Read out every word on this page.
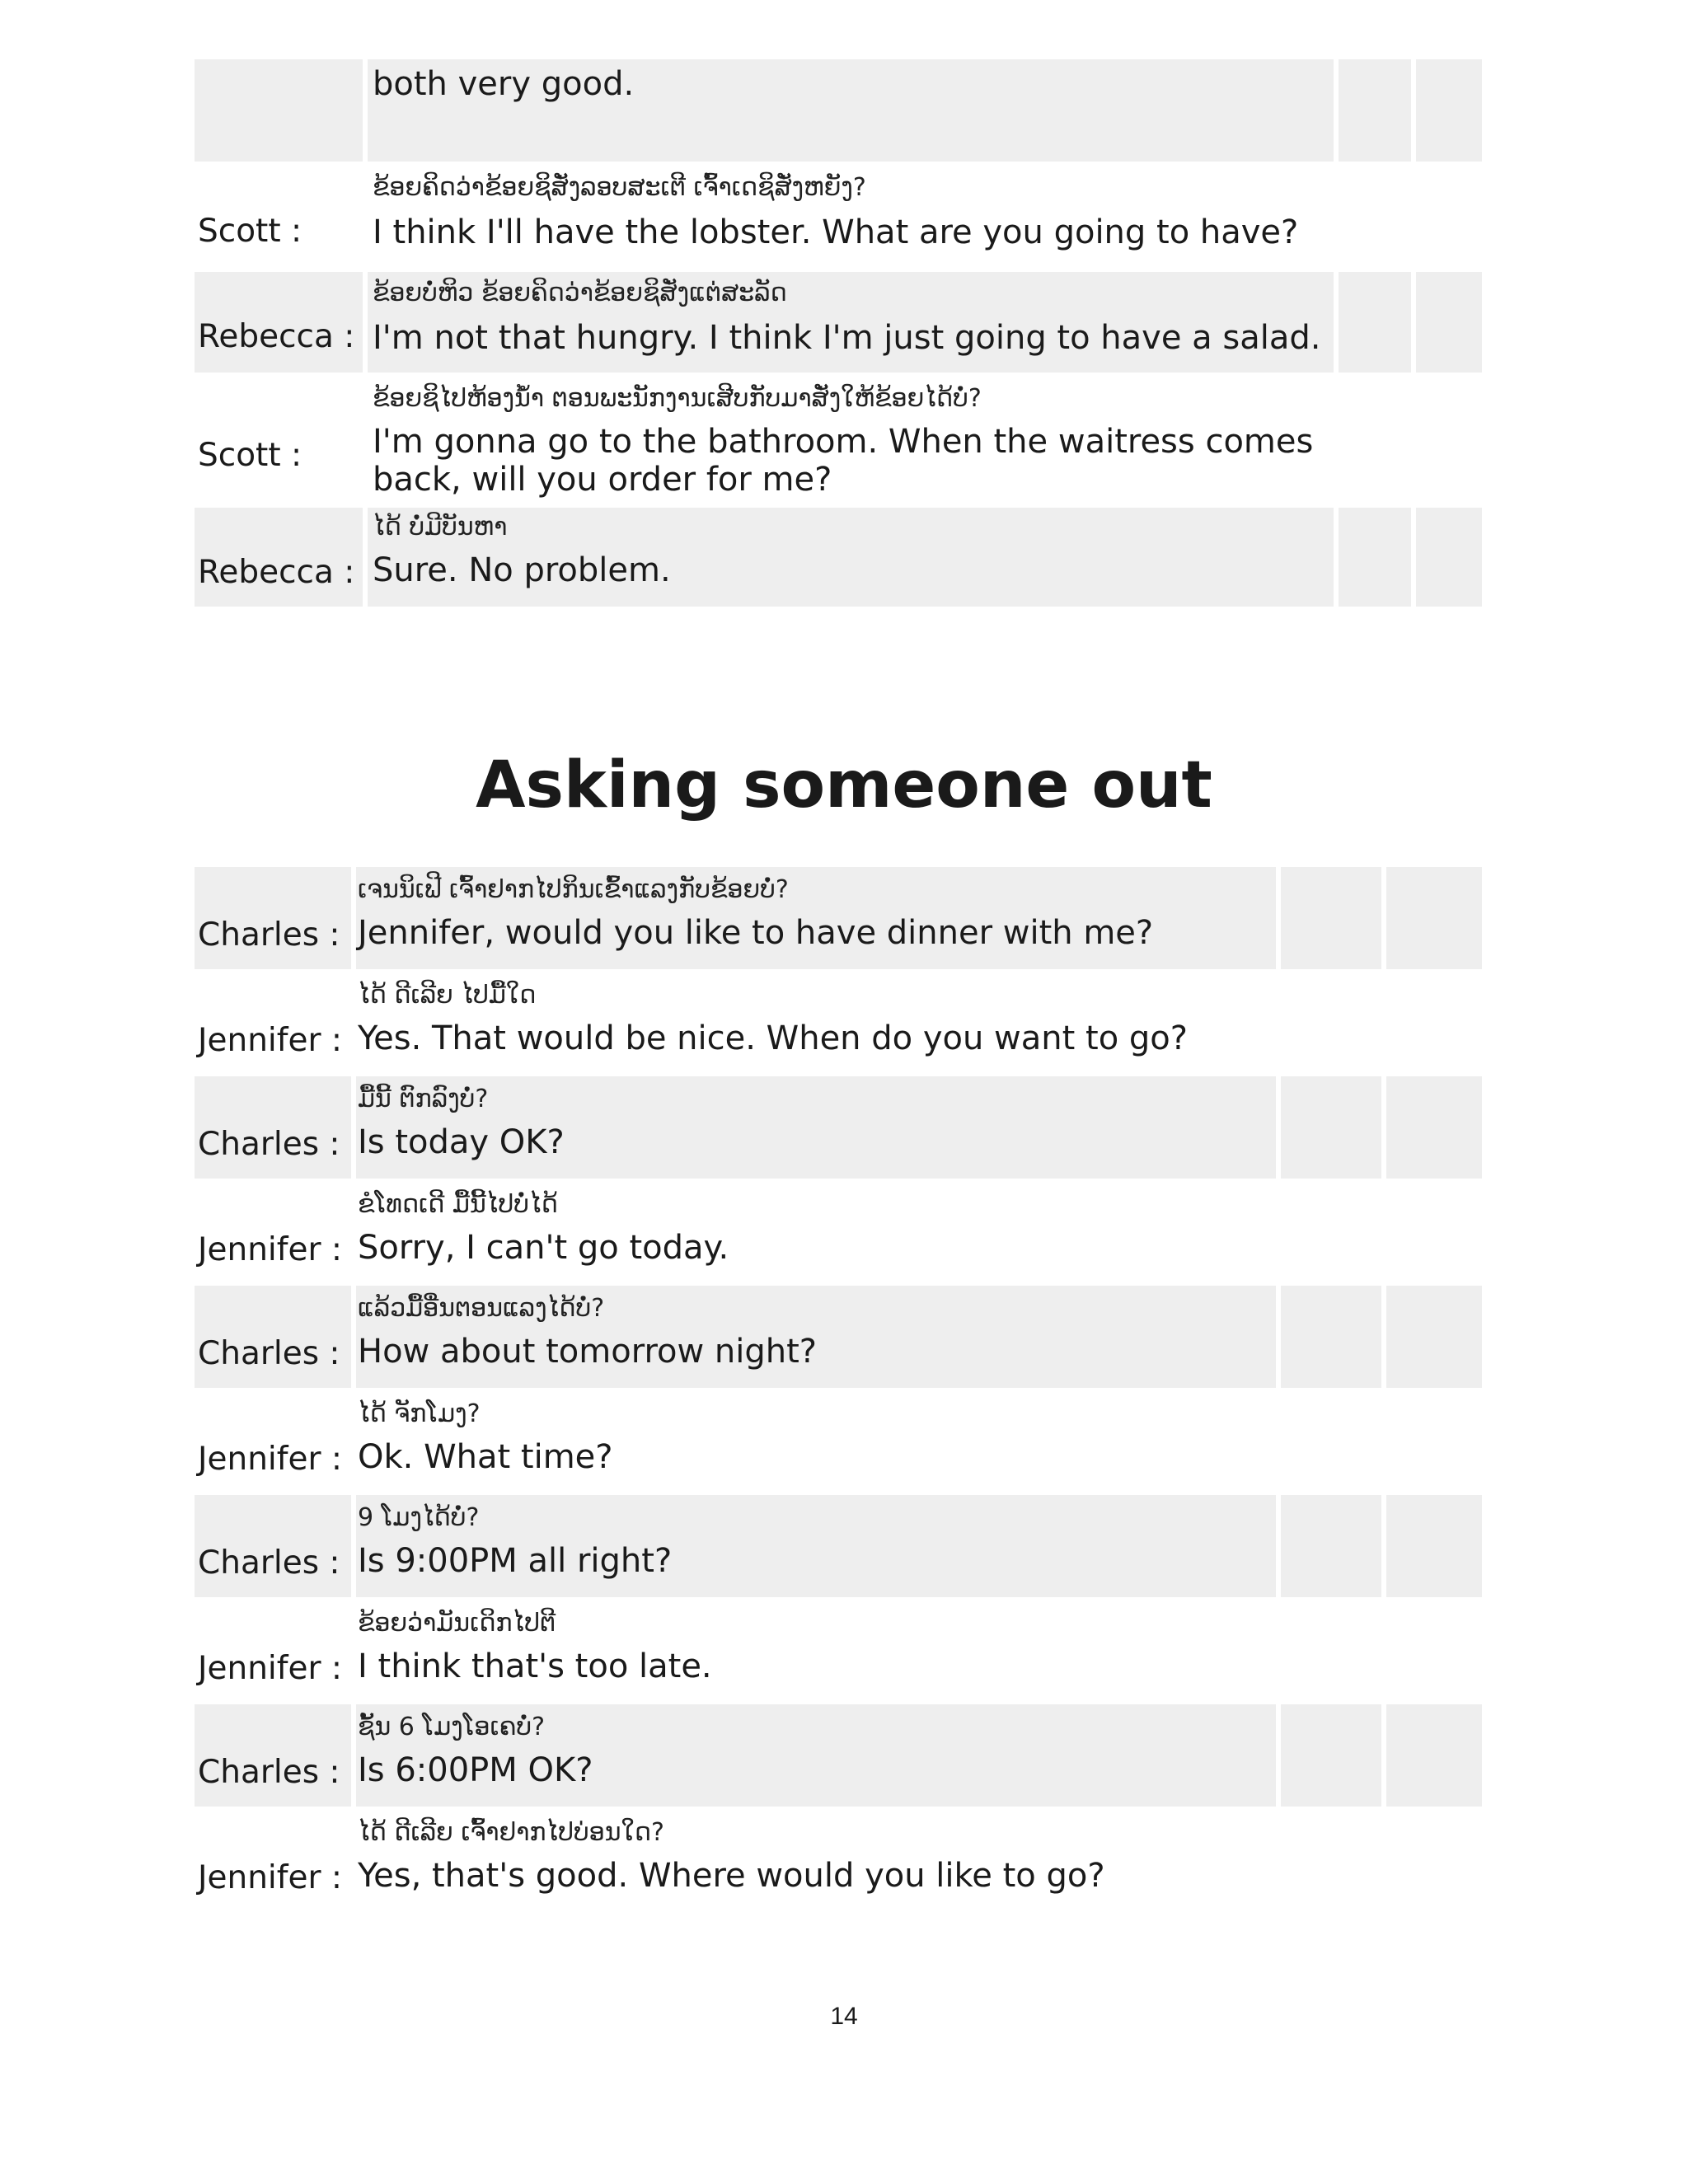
both very good.
Scott :
ຂ້ອຍຄິດວ່າຂ້ອຍຊິສັ່ງລອບສະເຕີ ເຈົ້າເດຊິສັ່ງຫຍັງ?
I think I'll have the lobster. What are you going to have?
Rebecca :
ຂ້ອຍບໍ່ຫິວ ຂ້ອຍຄິດວ່າຂ້ອຍຊິສັ່ງແຕ່ສະລັດ
I'm not that hungry. I think I'm just going to have a salad.
Scott :
ຂ້ອຍຊິໄປຫ້ອງນ້ຳ ຕອນພະນັກງານເສີບກັບມາສັ່ງໃຫ້ຂ້ອຍໄດ້ບໍ່?
I'm gonna go to the bathroom. When the waitress comes
back, will you order for me?
Rebecca :
ໄດ້ ບໍ່ມີບັນຫາ
Sure. No problem.
Asking someone out
Charles :
ເຈນນິເຟີ ເຈົ້າຢາກໄປກິນເຂົ້າແລງກັບຂ້ອຍບໍ່?
Jennifer, would you like to have dinner with me?
Jennifer :
ໄດ້ ດີເລີຍ ໄປມື້ໃດ
Yes. That would be nice. When do you want to go?
Charles :
ມື້ນີ້ ຕົກລົງບໍ່?
Is today OK?
Jennifer :
ຂໍໂທດເດີ ມື້ນີ້ໄປບໍ່ໄດ້
Sorry, I can't go today.
Charles :
ແລ້ວມື້ອື່ນຕອນແລງໄດ້ບໍ່?
How about tomorrow night?
Jennifer :
ໄດ້ ຈັກໂມງ?
Ok. What time?
Charles :
9 ໂມງໄດ້ບໍ່?
Is 9:00PM all right?
Jennifer :
ຂ້ອຍວ່າມັນເດິກໄປຕີ
I think that's too late.
Charles :
ຊັ້ນ 6 ໂມງໂອເຄບໍ່?
Is 6:00PM OK?
Jennifer :
ໄດ້ ດີເລີຍ ເຈົ້າຢາກໄປບ່ອນໃດ?
Yes, that's good. Where would you like to go?
14
